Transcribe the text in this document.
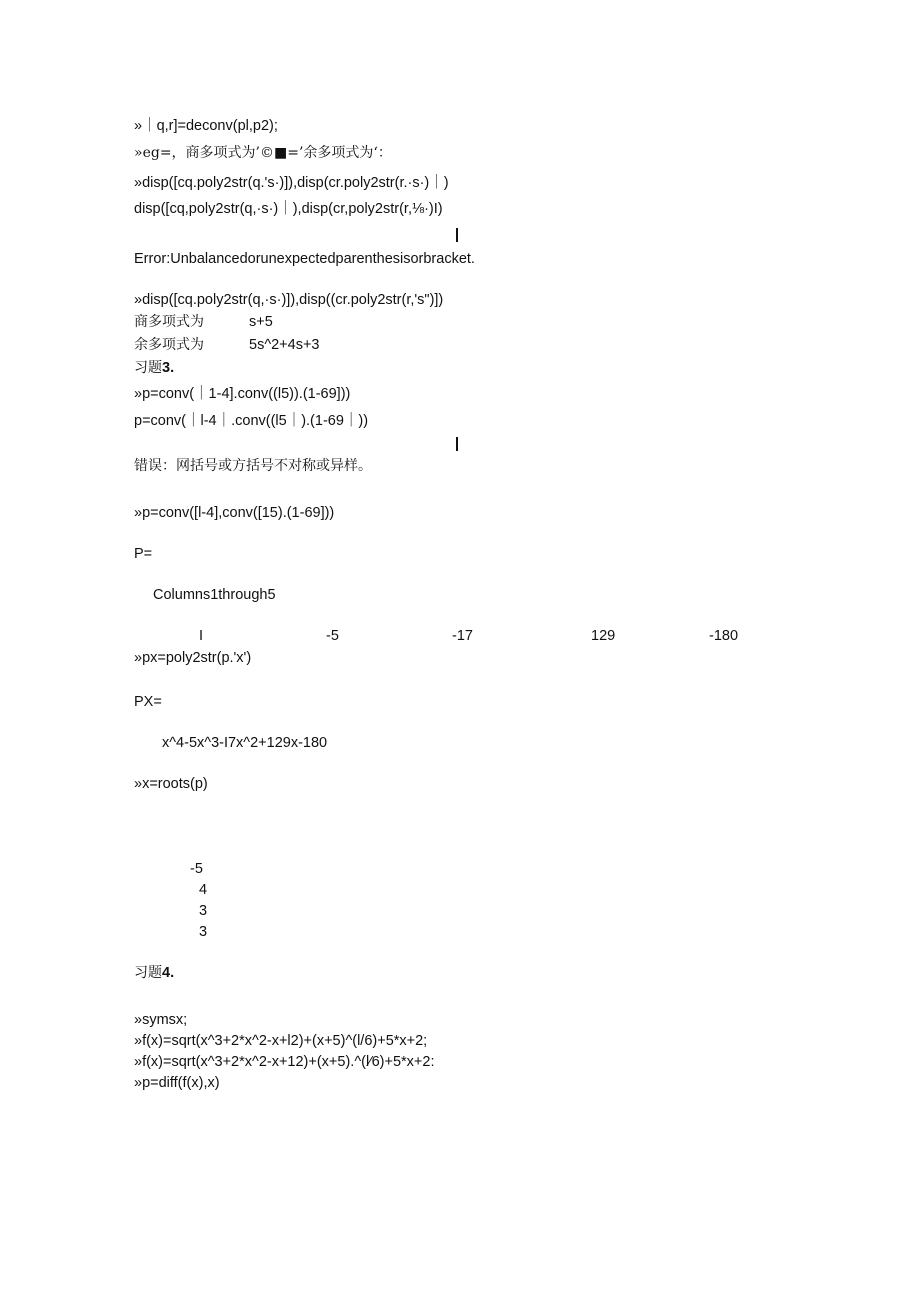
»｜q,r]=deconv(pl,p2);
»eg=，商多项式为’©■=’余多项式为‘：
»disp([cq.poly2str(q.'s·)]),disp(cr.poly2str(r.·s·)｜)
disp([cq,poly2str(q,·s·)｜),disp(cr,poly2str(r,⅛·)I)
Error:Unbalancedorunexpectedparenthesisorbracket.
»disp([cq.poly2str(q,·s·)]),disp((cr.poly2str(r,'s")])
商多项式为	s+5
余多项式为	5s^2+4s+3
习题3.
»p=conv(｜1-4].conv((l5)).(1-69]))
p=conv(｜l-4｜.conv((l5｜).(1-69｜))
错误：网括号或方括号不对称或异样。
»p=conv([l-4],conv([15).(1-69]))
P=
Columns1through5
I	-5	-17	129	-180
»px=poly2str(p.'x')
PX=
x^4-5x^3-I7x^2+129x-180
»x=roots(p)
-5
4
3
3
习题4.
»symsx;
»f(x)=sqrt(x^3+2*x^2-x+l2)+(x+5)^(l/6)+5*x+2;
»f(x)=sqrt(x^3+2*x^2-x+12)+(x+5).^(l∕6)+5*x+2:
»p=diff(f(x),x)
